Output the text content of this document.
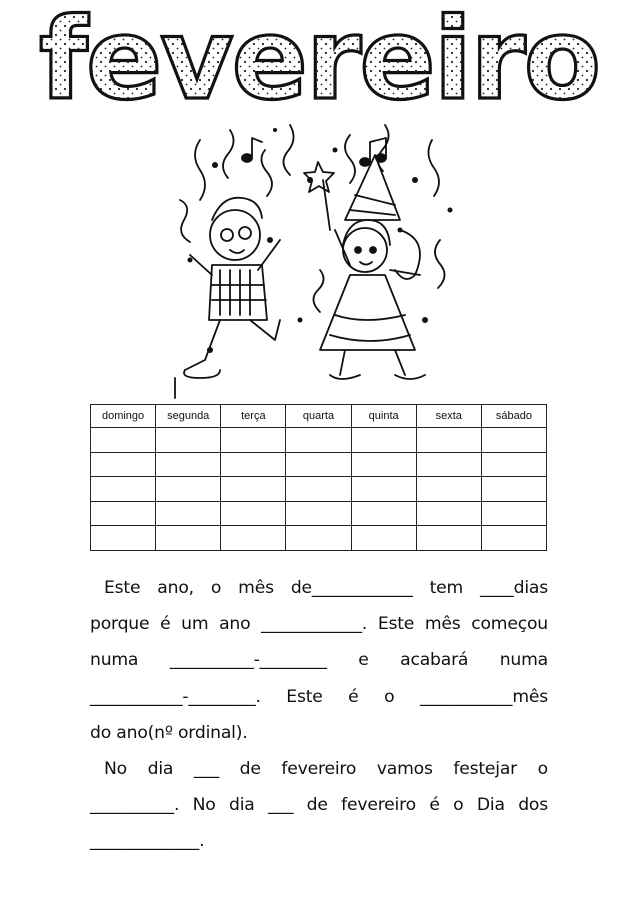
fevereiro
domingo	segunda	terça	quarta	quinta	sexta	sábado

Este ano, o mês de____________ tem ____dias
porque é um ano ____________. Este mês começou
numa __________-________ e acabará numa
___________-________. Este é o ___________mês
do ano(nº ordinal).

No dia ___ de fevereiro vamos festejar o
__________. No dia ___ de fevereiro é o Dia dos
_____________.
